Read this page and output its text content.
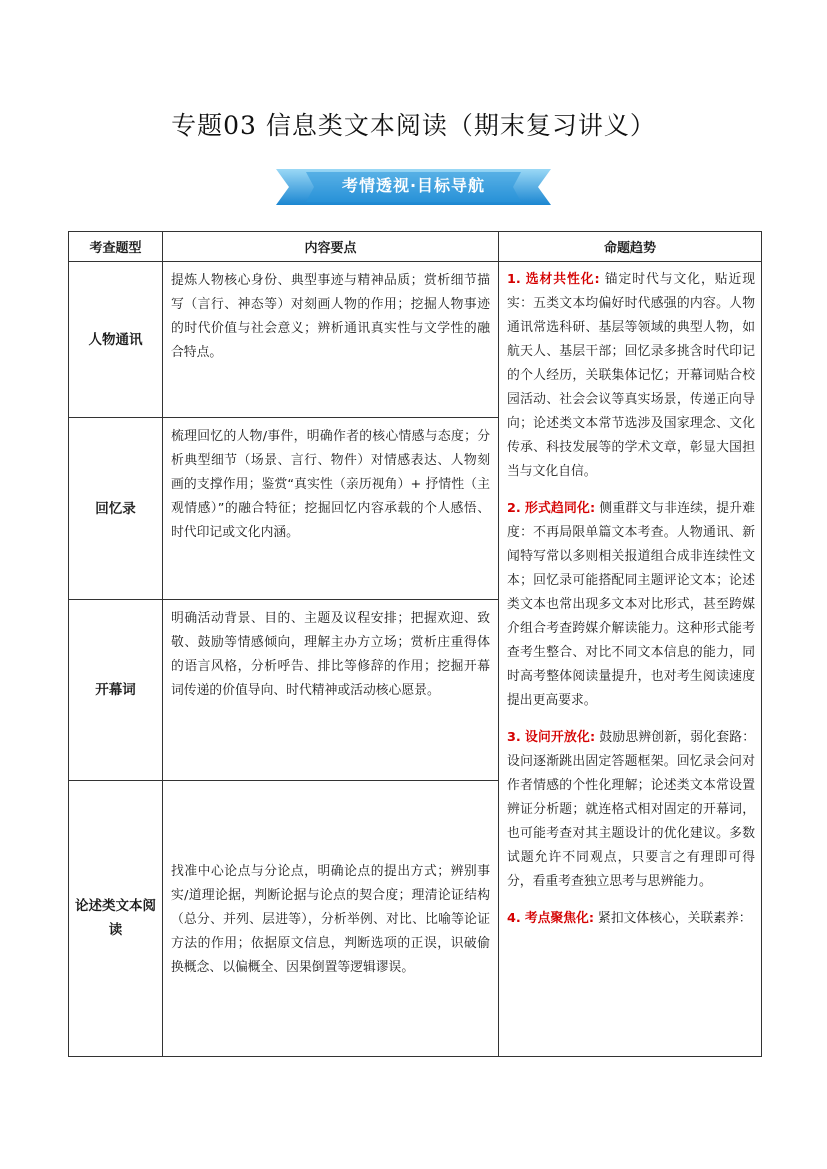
专题03 信息类文本阅读（期末复习讲义）
考情透视·目标导航
考查题型	内容要点	命题趋势
人物通讯	提炼人物核心身份、典型事迹与精神品质；赏析细节描写（言行、神态等）对刻画人物的作用；挖掘人物事迹的时代价值与社会意义；辨析通讯真实性与文学性的融合特点。	1. 选材共性化: 锚定时代与文化，贴近现实：五类文本均偏好时代感强的内容。人物通讯常选科研、基层等领域的典型人物，如航天人、基层干部；回忆录多挑含时代印记的个人经历，关联集体记忆；开幕词贴合校园活动、社会会议等真实场景，传递正向导向；论述类文本常节选涉及国家理念、文化传承、科技发展等的学术文章，彰显大国担当与文化自信。

2. 形式趋同化: 侧重群文与非连续，提升难度：不再局限单篇文本考查。人物通讯、新闻特写常以多则相关报道组合成非连续性文本；回忆录可能搭配同主题评论文本；论述类文本也常出现多文本对比形式，甚至跨媒介组合考查跨媒介解读能力。这种形式能考查考生整合、对比不同文本信息的能力，同时高考整体阅读量提升，也对考生阅读速度提出更高要求。

3. 设问开放化: 鼓励思辨创新，弱化套路：设问逐渐跳出固定答题框架。回忆录会问对作者情感的个性化理解；论述类文本常设置辨证分析题；就连格式相对固定的开幕词，也可能考查对其主题设计的优化建议。多数试题允许不同观点，只要言之有理即可得分，看重考查独立思考与思辨能力。

4. 考点聚焦化: 紧扣文体核心，关联素养：

回忆录	梳理回忆的人物/事件，明确作者的核心情感与态度；分析典型细节（场景、言行、物件）对情感表达、人物刻画的支撑作用；鉴赏“真实性（亲历视角）+ 抒情性（主观情感）”的融合特征；挖掘回忆内容承载的个人感悟、时代印记或文化内涵。	
开幕词	明确活动背景、目的、主题及议程安排；把握欢迎、致敬、鼓励等情感倾向，理解主办方立场；赏析庄重得体的语言风格，分析呼告、排比等修辞的作用；挖掘开幕词传递的价值导向、时代精神或活动核心愿景。	
论述类文本阅读	找准中心论点与分论点，明确论点的提出方式；辨别事实/道理论据，判断论据与论点的契合度；理清论证结构（总分、并列、层进等），分析举例、对比、比喻等论证方法的作用；依据原文信息，判断选项的正误，识破偷换概念、以偏概全、因果倒置等逻辑谬误。	
